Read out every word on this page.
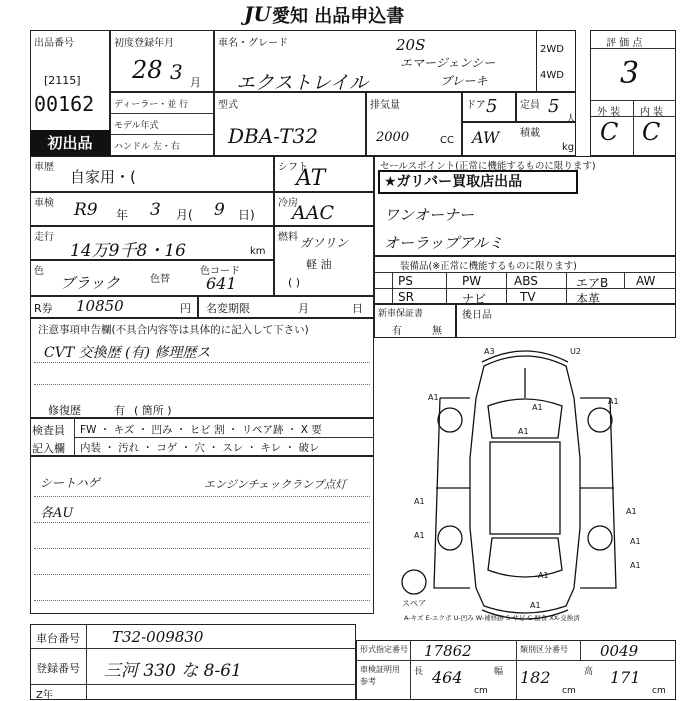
JU 愛知 出品申込書
出品番号
[2115]
00162
初出品
初度登録年月
28 3 月
ディーラー・並 行
モデル年式
ハンドル 左・右
車名・グレード
エクストレイル
20S
エマージェンシー
ブレーキ
2WD
4WD
評 価 点
3
外 装 内 装
C C
型式
DBA-T32
排気量
2000	CC
ドア 5 定員 5
人
AW 積載
kg
車歴
自家用・(
シフト
AT	セールスポイント(正常に機能するものに限ります)
★ガリバー買取店出品
ワンオーナー
オーラップアルミ
車検 R9 年 3 月( 9 日)
冷房
AAC
走行
14万9千8・16	km
燃料 ガソリン
軽 油
( )
色
ブラック	色替
色コード
641
装備品(※正常に機能するものに限ります)
PS	PW	ABS	エアB AW
SR	ナビ	TV	本革
R券 10850	円 名変期限	月	日 新車保証書
有	無
後日品
注意事項申告欄(不具合内容等は具体的に記入して下さい)
CVT 交換歴 (有) 修理歴ス
修復歴	有 ( 箇所 )
検査員
記入欄
FW ・ キズ ・ 凹み ・ ヒビ 割 ・ リペア跡 ・ X 要
内装 ・ 汚れ ・ コゲ ・ 穴 ・ スレ ・ キレ ・ 破レ
シートハゲ	エンジンチェックランプ点灯
各AU
A3	U2
A1
A1	A1
A1
A1
A1
A1
A1
A1
A1
A1
スペア
A-キズ E-エクボ U-凹み W-補修跡 S-サビ C-腐食 XX-交換済
車台番号 T32-009830
登録番号 三河 330 な 8-61
Z年
形式指定番号 17862	類別区分番号 0049
車検証明用
参考
長 464
cm
幅 182
cm
高 171
cm
